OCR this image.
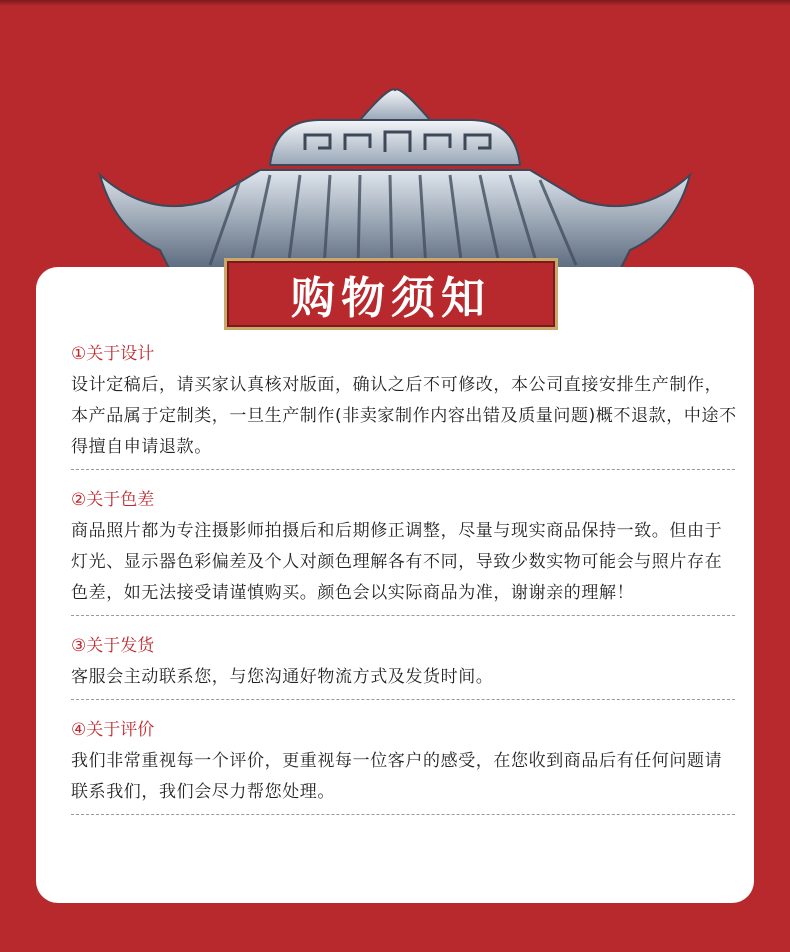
购物须知
①关于设计
设计定稿后，请买家认真核对版面，确认之后不可修改，本公司直接安排生产制作，本产品属于定制类，一旦生产制作(非卖家制作内容出错及质量问题)概不退款，中途不得擅自申请退款。
②关于色差
商品照片都为专注摄影师拍摄后和后期修正调整，尽量与现实商品保持一致。但由于灯光、显示器色彩偏差及个人对颜色理解各有不同，导致少数实物可能会与照片存在色差，如无法接受请谨慎购买。颜色会以实际商品为准，谢谢亲的理解！
③关于发货
客服会主动联系您，与您沟通好物流方式及发货时间。
④关于评价
我们非常重视每一个评价，更重视每一位客户的感受，在您收到商品后有任何问题请联系我们，我们会尽力帮您处理。
